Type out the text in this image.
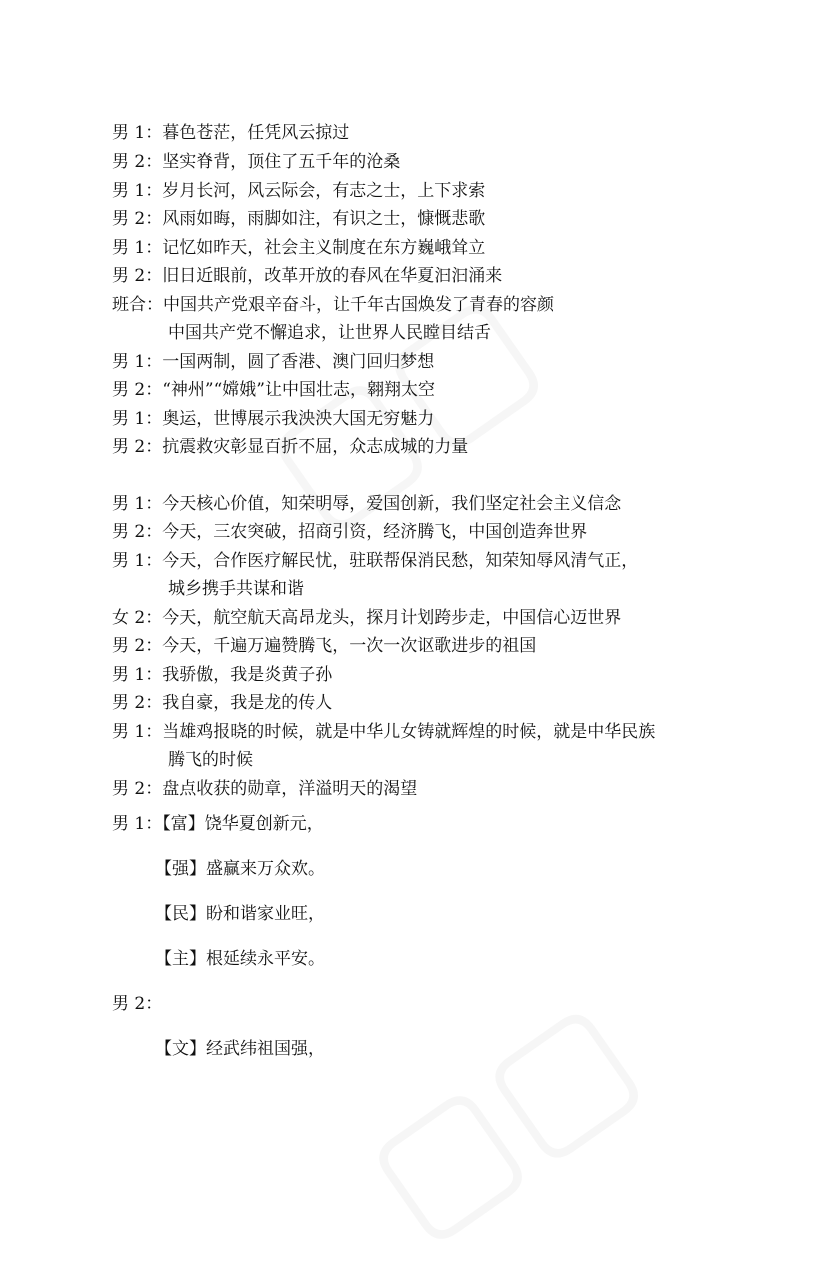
男 1：暮色苍茫，任凭风云掠过
男 2：坚实脊背，顶住了五千年的沧桑
男 1：岁月长河，风云际会，有志之士，上下求索
男 2：风雨如晦，雨脚如注，有识之士，慷慨悲歌
男 1：记忆如昨天，社会主义制度在东方巍峨耸立
男 2：旧日近眼前，改革开放的春风在华夏汩汩涌来
班合：中国共产党艰辛奋斗，让千年古国焕发了青春的容颜
中国共产党不懈追求，让世界人民瞠目结舌
男 1：一国两制，圆了香港、澳门回归梦想
男 2：“神州”“嫦娥”让中国壮志，翱翔太空
男 1：奥运，世博展示我泱泱大国无穷魅力
男 2：抗震救灾彰显百折不屈，众志成城的力量
男 1：今天核心价值，知荣明辱，爱国创新，我们坚定社会主义信念
男 2：今天，三农突破，招商引资，经济腾飞，中国创造奔世界
男 1：今天，合作医疗解民忧，驻联帮保消民愁，知荣知辱风清气正，
城乡携手共谋和谐
女 2：今天，航空航天高昂龙头，探月计划跨步走，中国信心迈世界
男 2：今天，千遍万遍赞腾飞，一次一次讴歌进步的祖国
男 1：我骄傲，我是炎黄子孙
男 2：我自豪，我是龙的传人
男 1：当雄鸡报晓的时候，就是中华儿女铸就辉煌的时候，就是中华民族
腾飞的时候
男 2：盘点收获的勋章，洋溢明天的渴望
男 1：【富】饶华夏创新元，
【强】盛赢来万众欢。
【民】盼和谐家业旺，
【主】根延续永平安。
男 2：
【文】经武纬祖国强，
